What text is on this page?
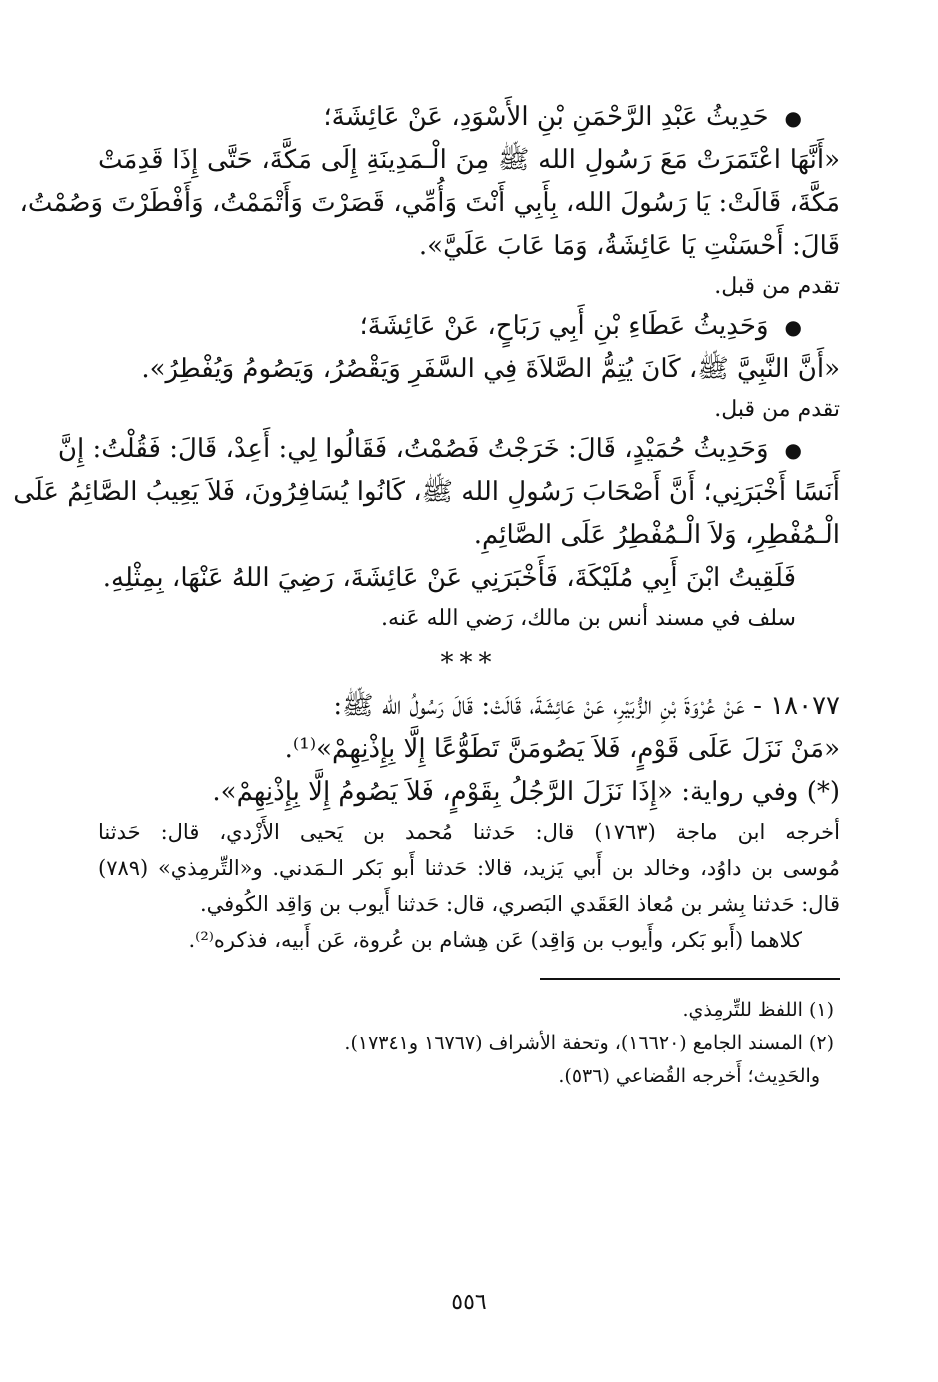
●حَدِيثُ عَبْدِ الرَّحْمَنِ بْنِ الأَسْوَدِ، عَنْ عَائِشَةَ؛
«أَنَّهَا اعْتَمَرَتْ مَعَ رَسُولِ الله ﷺ مِنَ الْـمَدِينَةِ إِلَى مَكَّةَ، حَتَّى إِذَا قَدِمَتْ
مَكَّةَ، قَالَتْ: يَا رَسُولَ الله، بِأَبِي أَنْتَ وَأُمِّي، قَصَرْتَ وَأَتْمَمْتُ، وَأَفْطَرْتَ وَصُمْتُ،
قَالَ: أَحْسَنْتِ يَا عَائِشَةُ، وَمَا عَابَ عَلَيَّ».
تقدم من قبل.
●وَحَدِيثُ عَطَاءِ بْنِ أَبِي رَبَاحٍ، عَنْ عَائِشَةَ؛
«أَنَّ النَّبِيَّ ﷺ، كَانَ يُتِمُّ الصَّلاَةَ فِي السَّفَرِ وَيَقْصُرُ، وَيَصُومُ وَيُفْطِرُ».
تقدم من قبل.
●وَحَدِيثُ حُمَيْدٍ، قَالَ: خَرَجْتُ فَصُمْتُ، فَقَالُوا لِي: أَعِدْ، قَالَ: فَقُلْتُ: إِنَّ
أَنَسًا أَخْبَرَنِي؛ أَنَّ أَصْحَابَ رَسُولِ الله ﷺ، كَانُوا يُسَافِرُونَ، فَلاَ يَعِيبُ الصَّائِمُ عَلَى
الْـمُفْطِرِ، وَلاَ الْـمُفْطِرُ عَلَى الصَّائِمِ.
فَلَقِيتُ ابْنَ أَبِي مُلَيْكَةَ، فَأَخْبَرَنِي عَنْ عَائِشَةَ، رَضِيَ اللهُ عَنْهَا، بِمِثْلِهِ.
سلف في مسند أنس بن مالك، رَضي الله عَنه.
***
١٨٠٧٧ - عَنْ عُرْوَةَ بْنِ الزُّبَيْرِ، عَنْ عَائِشَةَ، قَالَتْ: قَالَ رَسُولُ الله ﷺ:
«مَنْ نَزَلَ عَلَى قَوْمٍ، فَلاَ يَصُومَنَّ تَطَوُّعًا إِلَّا بِإِذْنِهِمْ»⁽¹⁾.
(*) وفي رواية: «إِذَا نَزَلَ الرَّجُلُ بِقَوْمٍ، فَلاَ يَصُومُ إِلَّا بِإِذْنِهِمْ».
أخرجه ابن ماجة (١٧٦٣) قال: حَدثنا مُحمد بن يَحيى الأَزْدي، قال: حَدثنا
مُوسى بن داوُد، وخالد بن أَبي يَزيد، قالا: حَدثنا أَبو بَكر الـمَدني. و«التِّرمِذي» (٧٨٩)
قال: حَدثنا بِشر بن مُعاذ العَقَدي البَصري، قال: حَدثنا أَيوب بن وَاقِد الكُوفي.
كلاهما (أَبو بَكر، وأَيوب بن وَاقِد) عَن هِشام بن عُروة، عَن أَبيه، فذكره⁽²⁾.
(١) اللفظ للتِّرمِذي.
(٢) المسند الجامع (١٦٦٢٠)، وتحفة الأشراف (١٦٧٦٧ و١٧٣٤١).
والحَدِيث؛ أَخرجه القُضاعي (٥٣٦).
٥٥٦
